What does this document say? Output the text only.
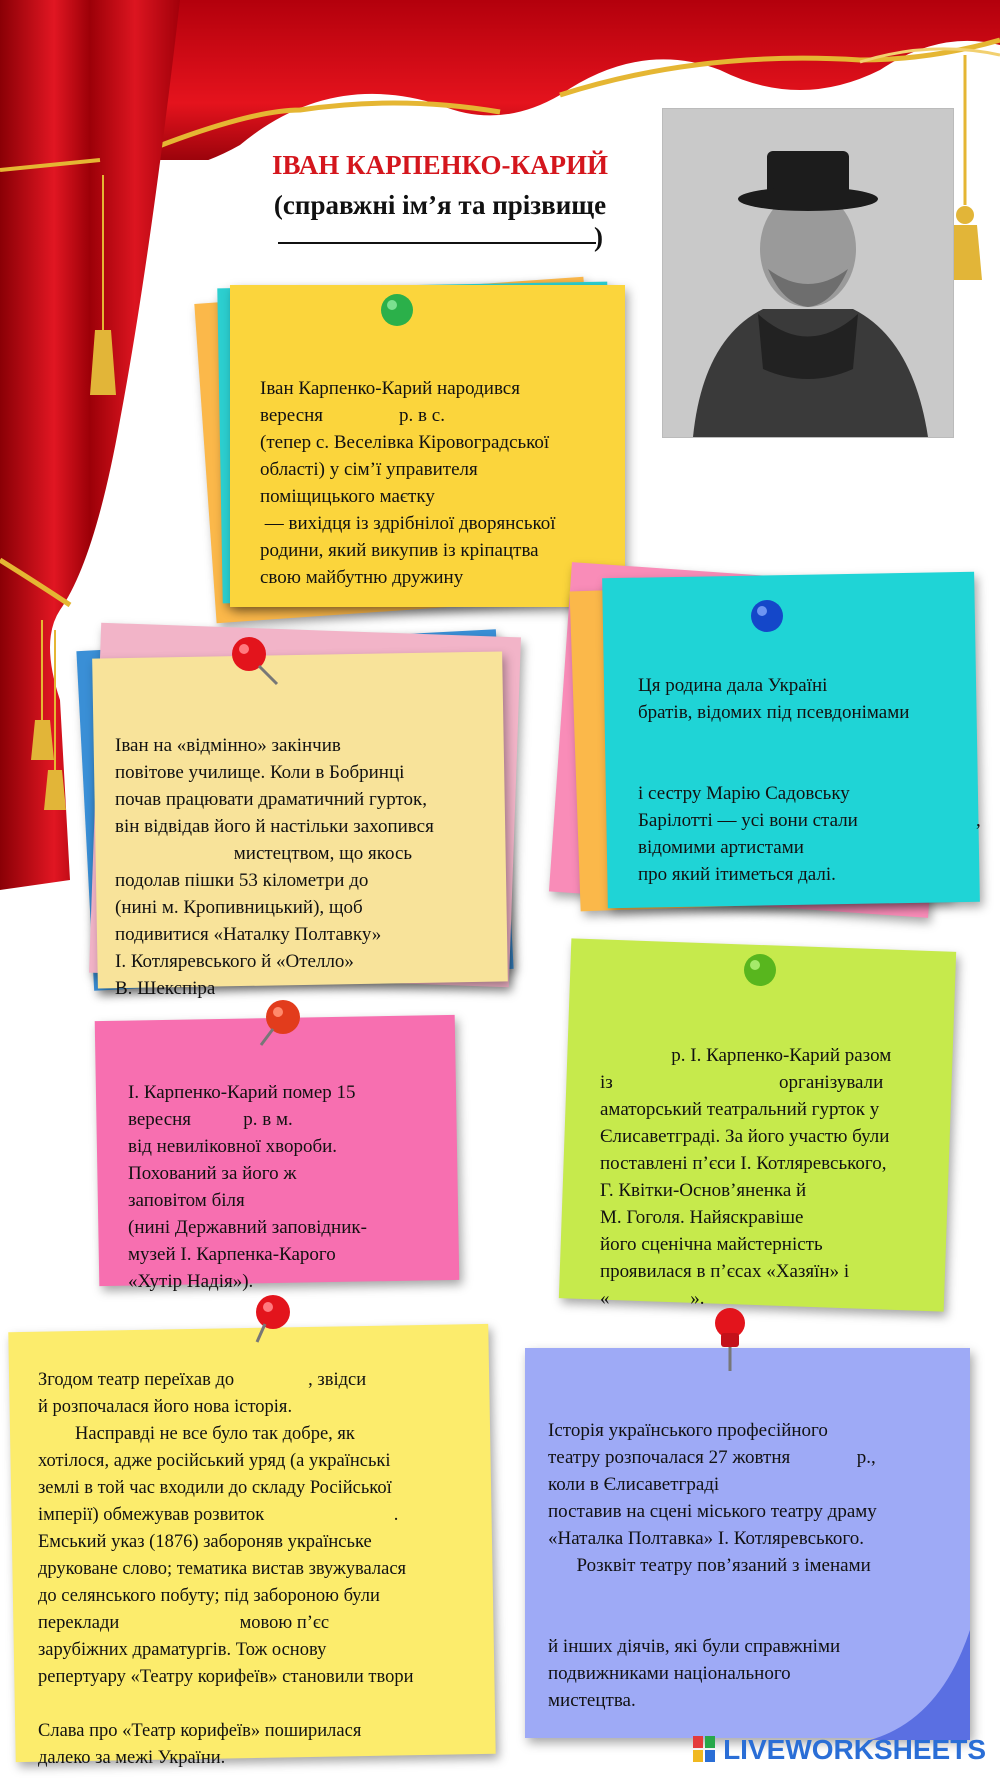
ІВАН КАРПЕНКО-КАРИЙ
(справжні ім’я та прізвище
)

Іван Карпенко-Карий народився
вересня                р. в с.
(тепер с. Веселівка Кіровоградської
області) у сім’ї управителя
поміщицького маєтку
— вихідця із здрібнілої дворянської
родини, який викупив із кріпацтва
свою майбутню дружину

Ця родина дала Україні
братів, відомих під псевдонімами

і сестру Марію Садовську
Барілотті — усі вони стали
відомими артистами
про який ітиметься далі.
,

Іван на «відмінно» закінчив
повітове училище. Коли в Бобринці
почав працювати драматичний гурток,
він відвідав його й настільки захопився
мистецтвом, що якось
подолав пішки 53 кілометри до
(нині м. Кропивницький), щоб
подивитися «Наталку Полтавку»
І. Котляревського й «Отелло»
В. Шекспіра

р. І. Карпенко-Карий разом
із                                   організували
аматорський театральний гурток у
Єлисаветграді. За його участю були
поставлені п’єси І. Котляревського,
Г. Квітки-Основ’яненка й
М. Гоголя. Найяскравіше
його сценічна майстерність
проявилася в п’єсах «Хазяїн» і
«                 ».

І. Карпенко-Карий помер 15
вересня           р. в м.
від невиліковної хвороби.
Похований за його ж
заповітом біля
(нині Державний заповідник-
музей І. Карпенка-Карого
«Хутір Надія»).

Згодом театр переїхав до                , звідси
й розпочалася його нова історія.
Насправді не все було так добре, як
хотілося, адже російський уряд (а українські
землі в той час входили до складу Російської
імперії) обмежував розвиток                            .
Емський указ (1876) забороняв українське
друковане слово; тематика вистав звужувалася
до селянського побуту; під забороною були
переклади                          мовою п’єс
зарубіжних драматургів. Тож основу
репертуару «Театру корифеїв» становили твори

Слава про «Театр корифеїв» поширилася
далеко за межі України.

Історія українського професійного
театру розпочалася 27 жовтня              р.,
коли в Єлисаветграді
поставив на сцені міського театру драму
«Наталка Полтавка» І. Котляревського.
Розквіт театру пов’язаний з іменами

й інших діячів, які були справжніми
подвижниками національного
мистецтва.
LIVEWORKSHEETS
